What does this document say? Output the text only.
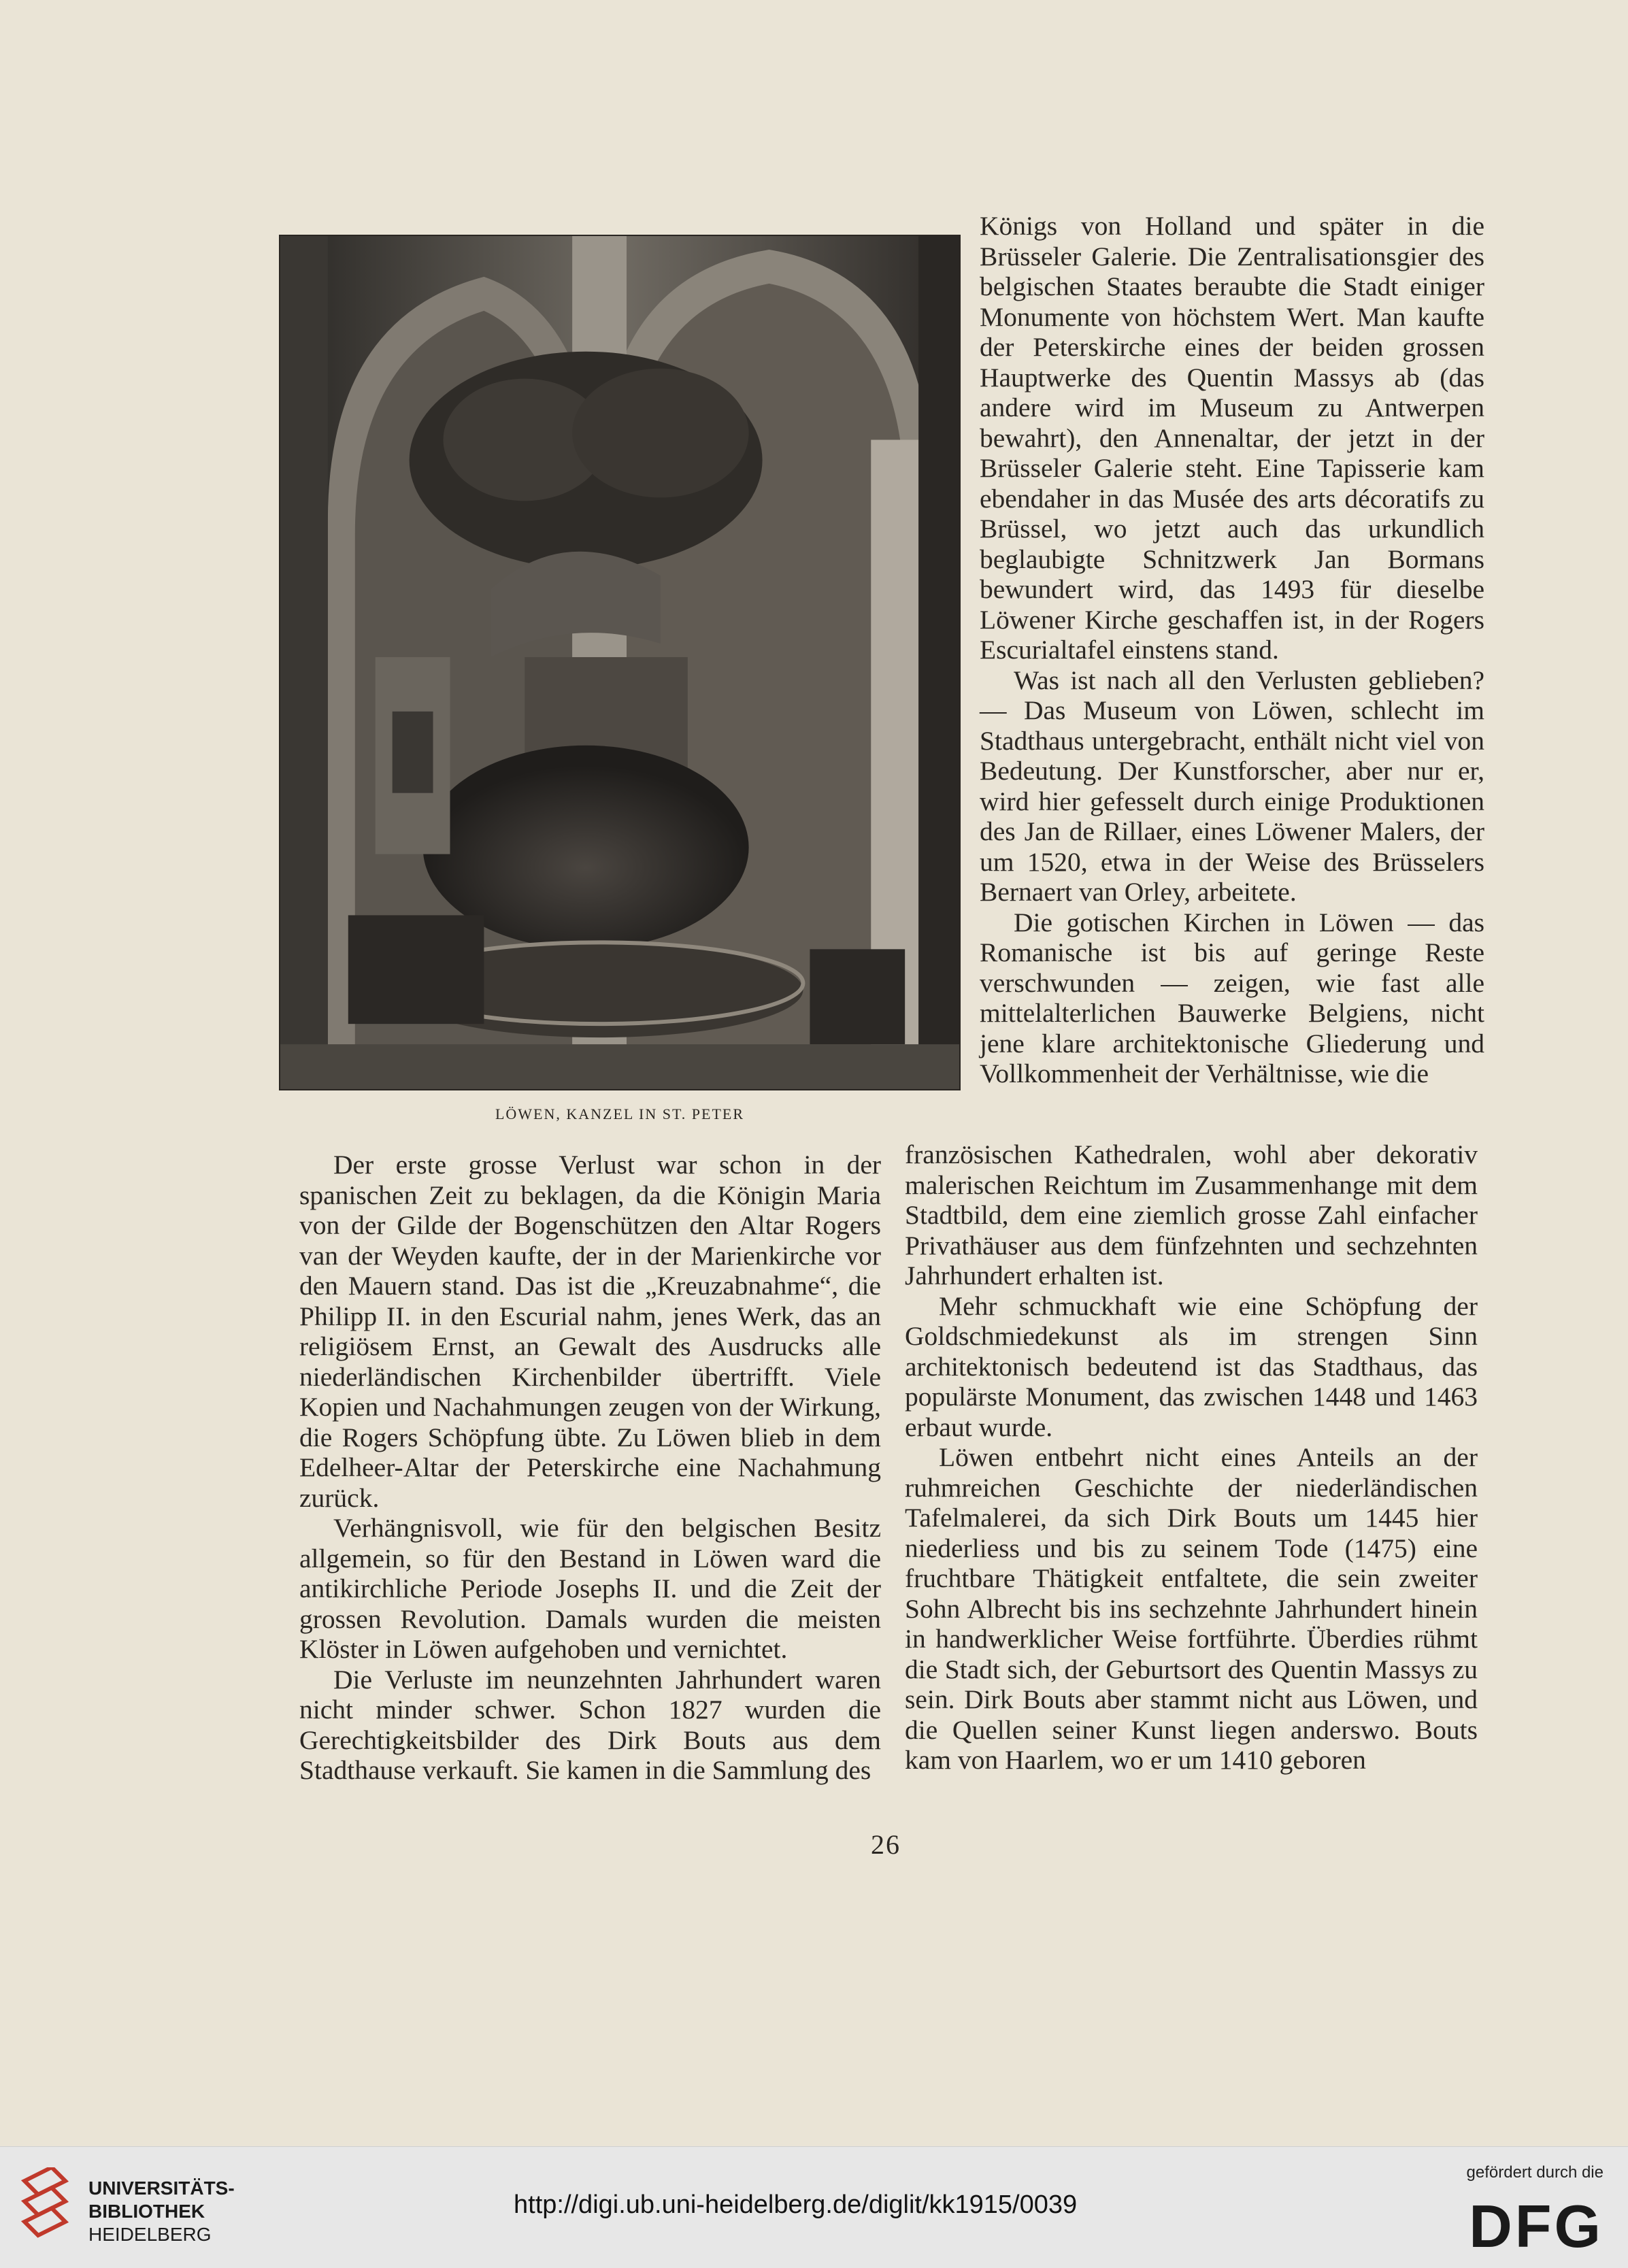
LÖWEN, KANZEL IN ST. PETER

Königs von Holland und später in die Brüsseler Galerie. Die Zentralisationsgier des belgischen Staates beraubte die Stadt einiger Monumente von höchstem Wert. Man kaufte der Peterskirche eines der beiden grossen Hauptwerke des Quentin Massys ab (das andere wird im Museum zu Antwerpen bewahrt), den Annenaltar, der jetzt in der Brüsseler Galerie steht. Eine Tapisserie kam ebendaher in das Musée des arts décoratifs zu Brüssel, wo jetzt auch das urkundlich beglaubigte Schnitzwerk Jan Bormans bewundert wird, das 1493 für dieselbe Löwener Kirche geschaffen ist, in der Rogers Escurialtafel einstens stand.

Was ist nach all den Verlusten geblieben? — Das Museum von Löwen, schlecht im Stadthaus untergebracht, enthält nicht viel von Bedeutung. Der Kunstforscher, aber nur er, wird hier gefesselt durch einige Produktionen des Jan de Rillaer, eines Löwener Malers, der um 1520, etwa in der Weise des Brüsselers Bernaert van Orley, arbeitete.

Die gotischen Kirchen in Löwen — das Romanische ist bis auf geringe Reste verschwunden — zeigen, wie fast alle mittelalterlichen Bauwerke Belgiens, nicht jene klare architektonische Gliederung und Vollkommenheit der Verhältnisse, wie die

Der erste grosse Verlust war schon in der spanischen Zeit zu beklagen, da die Königin Maria von der Gilde der Bogenschützen den Altar Rogers van der Weyden kaufte, der in der Marienkirche vor den Mauern stand. Das ist die „Kreuzabnahme“, die Philipp II. in den Escurial nahm, jenes Werk, das an religiösem Ernst, an Gewalt des Ausdrucks alle niederländischen Kirchenbilder übertrifft. Viele Kopien und Nachahmungen zeugen von der Wirkung, die Rogers Schöpfung übte. Zu Löwen blieb in dem Edelheer-Altar der Peterskirche eine Nachahmung zurück.

Verhängnisvoll, wie für den belgischen Besitz allgemein, so für den Bestand in Löwen ward die antikirchliche Periode Josephs II. und die Zeit der grossen Revolution. Damals wurden die meisten Klöster in Löwen aufgehoben und vernichtet.

Die Verluste im neunzehnten Jahrhundert waren nicht minder schwer. Schon 1827 wurden die Gerechtigkeitsbilder des Dirk Bouts aus dem Stadthause verkauft. Sie kamen in die Sammlung des

französischen Kathedralen, wohl aber dekorativ malerischen Reichtum im Zusammenhange mit dem Stadtbild, dem eine ziemlich grosse Zahl einfacher Privathäuser aus dem fünfzehnten und sechzehnten Jahrhundert erhalten ist.

Mehr schmuckhaft wie eine Schöpfung der Goldschmiedekunst als im strengen Sinn architektonisch bedeutend ist das Stadthaus, das populärste Monument, das zwischen 1448 und 1463 erbaut wurde.

Löwen entbehrt nicht eines Anteils an der ruhmreichen Geschichte der niederländischen Tafelmalerei, da sich Dirk Bouts um 1445 hier niederliess und bis zu seinem Tode (1475) eine fruchtbare Thätigkeit entfaltete, die sein zweiter Sohn Albrecht bis ins sechzehnte Jahrhundert hinein in handwerklicher Weise fortführte. Überdies rühmt die Stadt sich, der Geburtsort des Quentin Massys zu sein. Dirk Bouts aber stammt nicht aus Löwen, und die Quellen seiner Kunst liegen anderswo. Bouts kam von Haarlem, wo er um 1410 geboren

26
UNIVERSITÄTS-
BIBLIOTHEK
HEIDELBERG
http://digi.ub.uni-heidelberg.de/diglit/kk1915/0039
gefördert durch die
DFG
